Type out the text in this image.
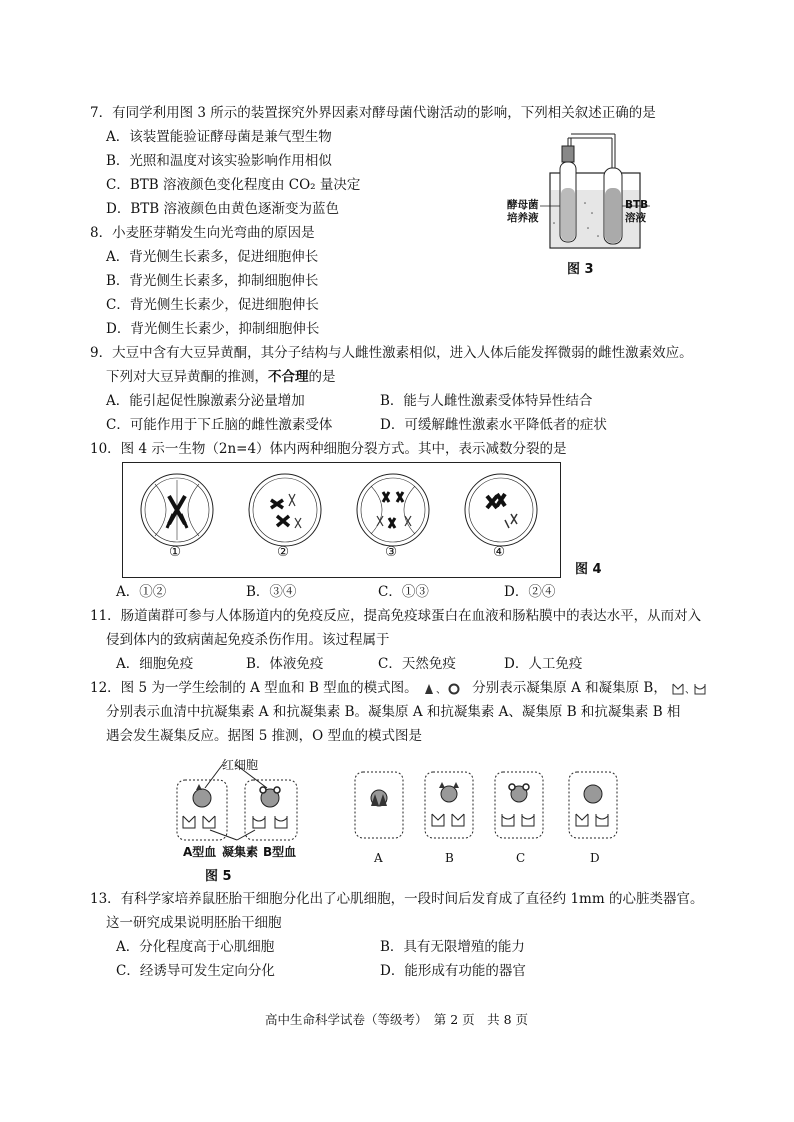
7．有同学利用图 3 所示的装置探究外界因素对酵母菌代谢活动的影响，下列相关叙述正确的是
A．该装置能验证酵母菌是兼气型生物
B．光照和温度对该实验影响作用相似
C．BTB 溶液颜色变化程度由 CO₂ 量决定
D．BTB 溶液颜色由黄色逐渐变为蓝色	酵母菌
培养液
BTB
溶液
图 3
8．小麦胚芽鞘发生向光弯曲的原因是
A．背光侧生长素多，促进细胞伸长
B．背光侧生长素多，抑制细胞伸长
C．背光侧生长素少，促进细胞伸长
D．背光侧生长素少，抑制细胞伸长
9．大豆中含有大豆异黄酮，其分子结构与人雌性激素相似，进入人体后能发挥微弱的雌性激素效应。
下列对大豆异黄酮的推测，不合理的是
A．能引起促性腺激素分泌量增加	B．能与人雌性激素受体特异性结合
C．可能作用于下丘脑的雌性激素受体	D．可缓解雌性激素水平降低者的症状
10．图 4 示一生物（2n=4）体内两种细胞分裂方式。其中，表示减数分裂的是
①	②	③	④
图 4
A．①②	B．③④	C．①③	D．②④
11．肠道菌群可参与人体肠道内的免疫反应，提高免疫球蛋白在血液和肠粘膜中的表达水平，从而对入
侵到体内的致病菌起免疫杀伤作用。该过程属于
A．细胞免疫	B．体液免疫	C．天然免疫	D．人工免疫
12．图 5 为一学生绘制的 A 型血和 B 型血的模式图。 、 分别表示凝集原 A 和凝集原 B， 、
分别表示血清中抗凝集素 A 和抗凝集素 B。凝集原 A 和抗凝集素 A、凝集原 B 和抗凝集素 B 相
遇会发生凝集反应。据图 5 推测，O 型血的模式图是
红细胞
A型血 凝集素 B型血
图 5
A	B	C	D
13．有科学家培养鼠胚胎干细胞分化出了心肌细胞，一段时间后发育成了直径约 1mm 的心脏类器官。
这一研究成果说明胚胎干细胞
A．分化程度高于心肌细胞	B．具有无限增殖的能力
C．经诱导可发生定向分化	D．能形成有功能的器官
高中生命科学试卷（等级考）　第 2 页　共 8 页
